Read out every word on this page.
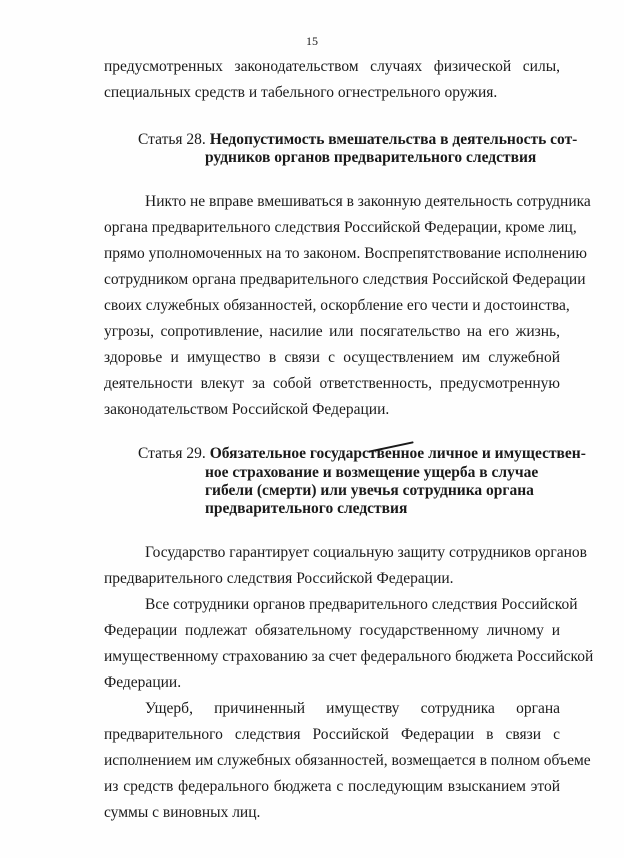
15
предусмотренных законодательством случаях физической силы,
специальных средств и табельного огнестрельного оружия.
Статья 28. Недопустимость вмешательства в деятельность сот-
рудников органов предварительного следствия
Никто не вправе вмешиваться в законную деятельность сотрудника
органа предварительного следствия Российской Федерации, кроме лиц,
прямо уполномоченных на то законом. Воспрепятствование исполнению
сотрудником органа предварительного следствия Российской Федерации
своих служебных обязанностей, оскорбление его чести и достоинства,
угрозы, сопротивление, насилие или посягательство на его жизнь,
здоровье и имущество в связи с осуществлением им служебной
деятельности влекут за собой ответственность, предусмотренную
законодательством Российской Федерации.
Статья 29. Обязательное государственное личное и имуществен-
ное страхование и возмещение ущерба в случае
гибели (смерти) или увечья сотрудника органа
предварительного следствия
Государство гарантирует социальную защиту сотрудников органов
предварительного следствия Российской Федерации.
Все сотрудники органов предварительного следствия Российской
Федерации подлежат обязательному государственному личному и
имущественному страхованию за счет федерального бюджета Российской
Федерации.
Ущерб, причиненный имуществу сотрудника органа
предварительного следствия Российской Федерации в связи с
исполнением им служебных обязанностей, возмещается в полном объеме
из средств федерального бюджета с последующим взысканием этой
суммы с виновных лиц.
